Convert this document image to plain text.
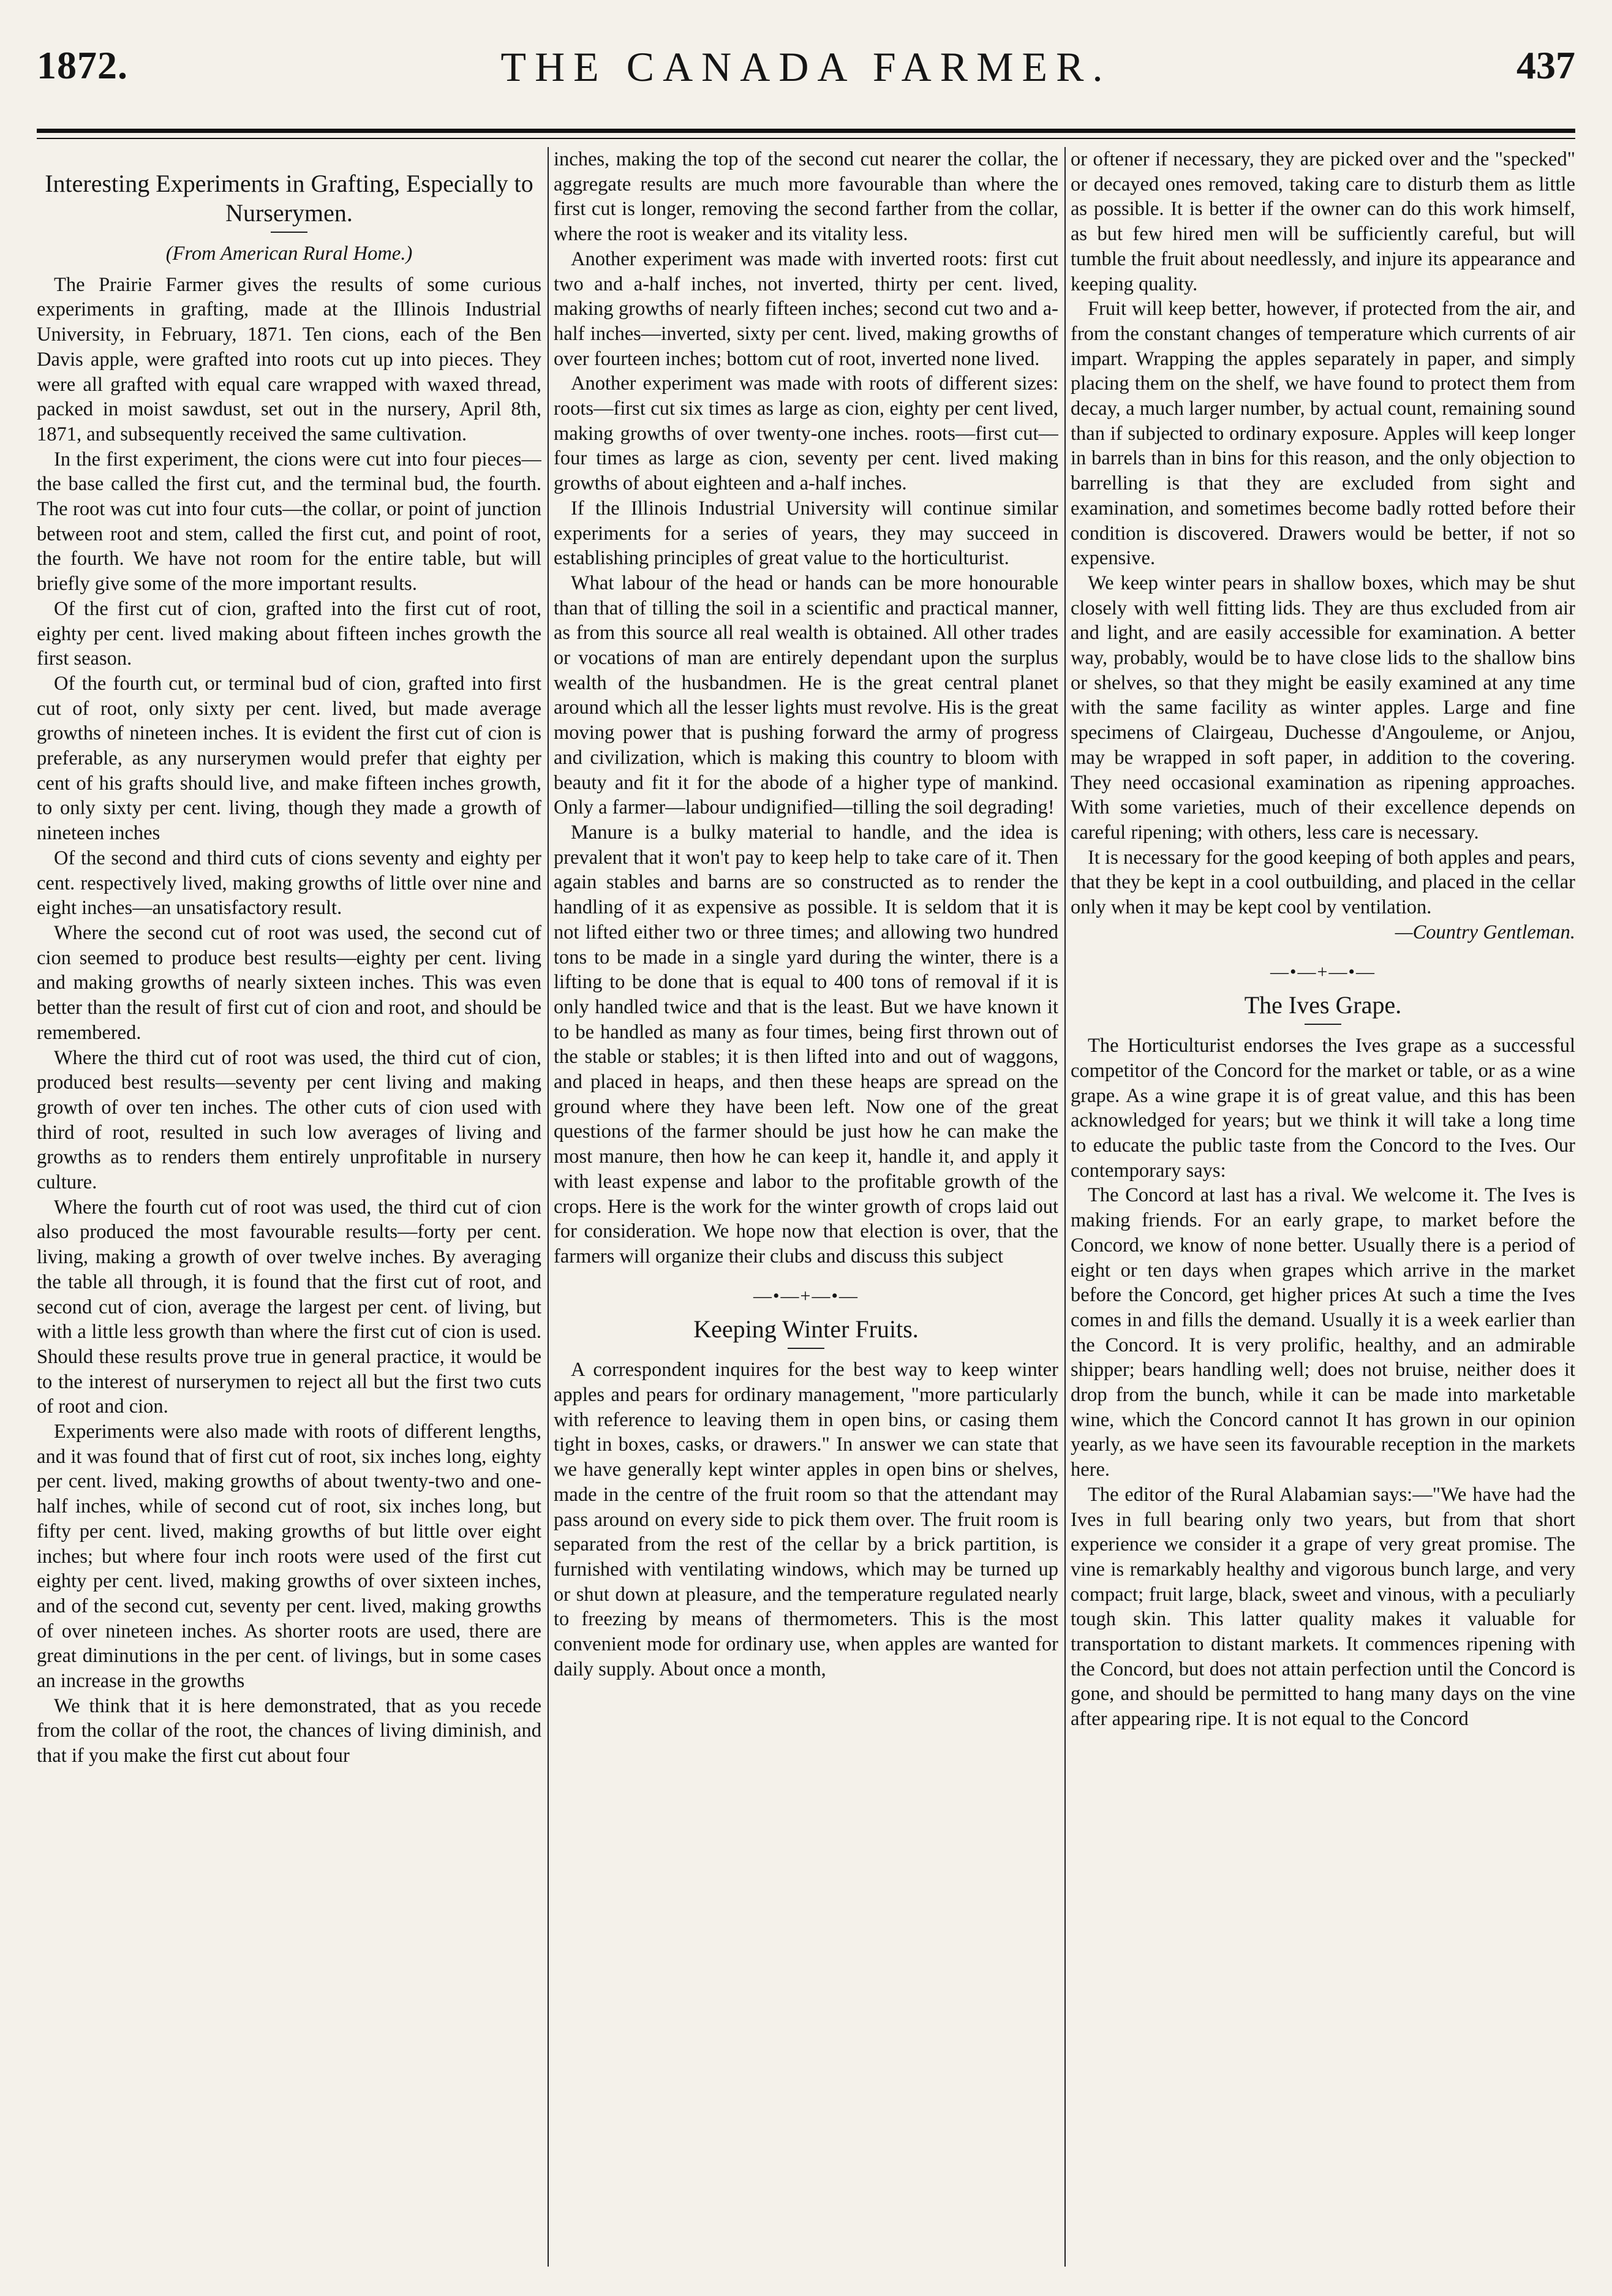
THE CANADA FARMER.
1872.	437
Interesting Experiments in Grafting, Especially to Nurserymen.
(From American Rural Home.)

The Prairie Farmer gives the results of some curious experiments in grafting, made at the Illinois Industrial University, in February, 1871. Ten cions, each of the Ben Davis apple, were grafted into roots cut up into pieces. They were all grafted with equal care wrapped with waxed thread, packed in moist sawdust, set out in the nursery, April 8th, 1871, and subsequently received the same cultivation.

In the first experiment, the cions were cut into four pieces—the base called the first cut, and the terminal bud, the fourth. The root was cut into four cuts—the collar, or point of junction between root and stem, called the first cut, and point of root, the fourth. We have not room for the entire table, but will briefly give some of the more important results.

Of the first cut of cion, grafted into the first cut of root, eighty per cent. lived making about fifteen inches growth the first season.

Of the fourth cut, or terminal bud of cion, grafted into first cut of root, only sixty per cent. lived, but made average growths of nineteen inches. It is evident the first cut of cion is preferable, as any nurserymen would prefer that eighty per cent of his grafts should live, and make fifteen inches growth, to only sixty per cent. living, though they made a growth of nineteen inches

Of the second and third cuts of cions seventy and eighty per cent. respectively lived, making growths of little over nine and eight inches—an unsatisfactory result.

Where the second cut of root was used, the second cut of cion seemed to produce best results—eighty per cent. living and making growths of nearly sixteen inches. This was even better than the result of first cut of cion and root, and should be remembered.

Where the third cut of root was used, the third cut of cion, produced best results—seventy per cent living and making growth of over ten inches. The other cuts of cion used with third of root, resulted in such low averages of living and growths as to renders them entirely unprofitable in nursery culture.

Where the fourth cut of root was used, the third cut of cion also produced the most favourable results—forty per cent. living, making a growth of over twelve inches. By averaging the table all through, it is found that the first cut of root, and second cut of cion, average the largest per cent. of living, but with a little less growth than where the first cut of cion is used. Should these results prove true in general practice, it would be to the interest of nurserymen to reject all but the first two cuts of root and cion.

Experiments were also made with roots of different lengths, and it was found that of first cut of root, six inches long, eighty per cent. lived, making growths of about twenty-two and one-half inches, while of second cut of root, six inches long, but fifty per cent. lived, making growths of but little over eight inches; but where four inch roots were used of the first cut eighty per cent. lived, making growths of over sixteen inches, and of the second cut, seventy per cent. lived, making growths of over nineteen inches. As shorter roots are used, there are great diminutions in the per cent. of livings, but in some cases an increase in the growths

We think that it is here demonstrated, that as you recede from the collar of the root, the chances of living diminish, and that if you make the first cut about four

inches, making the top of the second cut nearer the collar, the aggregate results are much more favourable than where the first cut is longer, removing the second farther from the collar, where the root is weaker and its vitality less.

Another experiment was made with inverted roots: first cut two and a-half inches, not inverted, thirty per cent. lived, making growths of nearly fifteen inches; second cut two and a-half inches—inverted, sixty per cent. lived, making growths of over fourteen inches; bottom cut of root, inverted none lived.

Another experiment was made with roots of different sizes: roots—first cut six times as large as cion, eighty per cent lived, making growths of over twenty-one inches. roots—first cut—four times as large as cion, seventy per cent. lived making growths of about eighteen and a-half inches.

If the Illinois Industrial University will continue similar experiments for a series of years, they may succeed in establishing principles of great value to the horticulturist.

What labour of the head or hands can be more honourable than that of tilling the soil in a scientific and practical manner, as from this source all real wealth is obtained. All other trades or vocations of man are entirely dependant upon the surplus wealth of the husbandmen. He is the great central planet around which all the lesser lights must revolve. His is the great moving power that is pushing forward the army of progress and civilization, which is making this country to bloom with beauty and fit it for the abode of a higher type of mankind. Only a farmer—labour undignified—tilling the soil degrading!

Manure is a bulky material to handle, and the idea is prevalent that it won't pay to keep help to take care of it. Then again stables and barns are so constructed as to render the handling of it as expensive as possible. It is seldom that it is not lifted either two or three times; and allowing two hundred tons to be made in a single yard during the winter, there is a lifting to be done that is equal to 400 tons of removal if it is only handled twice and that is the least. But we have known it to be handled as many as four times, being first thrown out of the stable or stables; it is then lifted into and out of waggons, and placed in heaps, and then these heaps are spread on the ground where they have been left. Now one of the great questions of the farmer should be just how he can make the most manure, then how he can keep it, handle it, and apply it with least expense and labor to the profitable growth of the crops. Here is the work for the winter growth of crops laid out for consideration. We hope now that election is over, that the farmers will organize their clubs and discuss this subject

—•—+—•—
Keeping Winter Fruits.

A correspondent inquires for the best way to keep winter apples and pears for ordinary management, "more particularly with reference to leaving them in open bins, or casing them tight in boxes, casks, or drawers." In answer we can state that we have generally kept winter apples in open bins or shelves, made in the centre of the fruit room so that the attendant may pass around on every side to pick them over. The fruit room is separated from the rest of the cellar by a brick partition, is furnished with ventilating windows, which may be turned up or shut down at pleasure, and the temperature regulated nearly to freezing by means of thermometers. This is the most convenient mode for ordinary use, when apples are wanted for daily supply. About once a month,

or oftener if necessary, they are picked over and the "specked" or decayed ones removed, taking care to disturb them as little as possible. It is better if the owner can do this work himself, as but few hired men will be sufficiently careful, but will tumble the fruit about needlessly, and injure its appearance and keeping quality.

Fruit will keep better, however, if protected from the air, and from the constant changes of temperature which currents of air impart. Wrapping the apples separately in paper, and simply placing them on the shelf, we have found to protect them from decay, a much larger number, by actual count, remaining sound than if subjected to ordinary exposure. Apples will keep longer in barrels than in bins for this reason, and the only objection to barrelling is that they are excluded from sight and examination, and sometimes become badly rotted before their condition is discovered. Drawers would be better, if not so expensive.

We keep winter pears in shallow boxes, which may be shut closely with well fitting lids. They are thus excluded from air and light, and are easily accessible for examination. A better way, probably, would be to have close lids to the shallow bins or shelves, so that they might be easily examined at any time with the same facility as winter apples. Large and fine specimens of Clairgeau, Duchesse d'Angouleme, or Anjou, may be wrapped in soft paper, in addition to the covering. They need occasional examination as ripening approaches. With some varieties, much of their excellence depends on careful ripening; with others, less care is necessary.

It is necessary for the good keeping of both apples and pears, that they be kept in a cool outbuilding, and placed in the cellar only when it may be kept cool by ventilation.

—Country Gentleman.
—•—+—•—
The Ives Grape.

The Horticulturist endorses the Ives grape as a successful competitor of the Concord for the market or table, or as a wine grape. As a wine grape it is of great value, and this has been acknowledged for years; but we think it will take a long time to educate the public taste from the Concord to the Ives. Our contemporary says:

The Concord at last has a rival. We welcome it. The Ives is making friends. For an early grape, to market before the Concord, we know of none better. Usually there is a period of eight or ten days when grapes which arrive in the market before the Concord, get higher prices At such a time the Ives comes in and fills the demand. Usually it is a week earlier than the Concord. It is very prolific, healthy, and an admirable shipper; bears handling well; does not bruise, neither does it drop from the bunch, while it can be made into marketable wine, which the Concord cannot It has grown in our opinion yearly, as we have seen its favourable reception in the markets here.

The editor of the Rural Alabamian says:—"We have had the Ives in full bearing only two years, but from that short experience we consider it a grape of very great promise. The vine is remarkably healthy and vigorous bunch large, and very compact; fruit large, black, sweet and vinous, with a peculiarly tough skin. This latter quality makes it valuable for transportation to distant markets. It commences ripening with the Concord, but does not attain perfection until the Concord is gone, and should be permitted to hang many days on the vine after appearing ripe. It is not equal to the Concord
